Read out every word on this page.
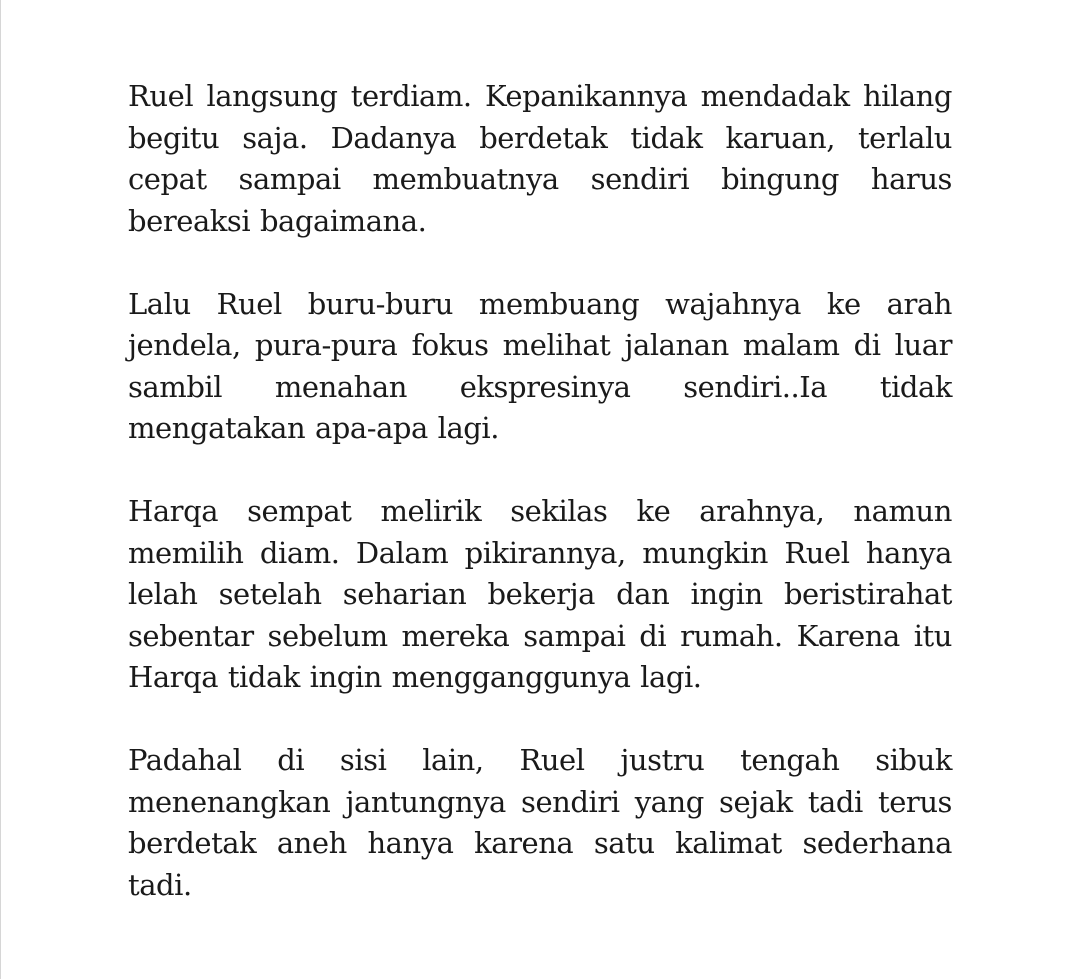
Ruel langsung terdiam. Kepanikannya mendadak hilang begitu saja. Dadanya berdetak tidak karuan, terlalu cepat sampai membuatnya sendiri bingung harus bereaksi bagaimana.

Lalu Ruel buru-buru membuang wajahnya ke arah jendela, pura-pura fokus melihat jalanan malam di luar sambil menahan ekspresinya sendiri..Ia tidak mengatakan apa-apa lagi.

Harqa sempat melirik sekilas ke arahnya, namun memilih diam. Dalam pikirannya, mungkin Ruel hanya lelah setelah seharian bekerja dan ingin beristirahat sebentar sebelum mereka sampai di rumah. Karena itu Harqa tidak ingin mengganggunya lagi.

Padahal di sisi lain, Ruel justru tengah sibuk menenangkan jantungnya sendiri yang sejak tadi terus berdetak aneh hanya karena satu kalimat sederhana tadi.
